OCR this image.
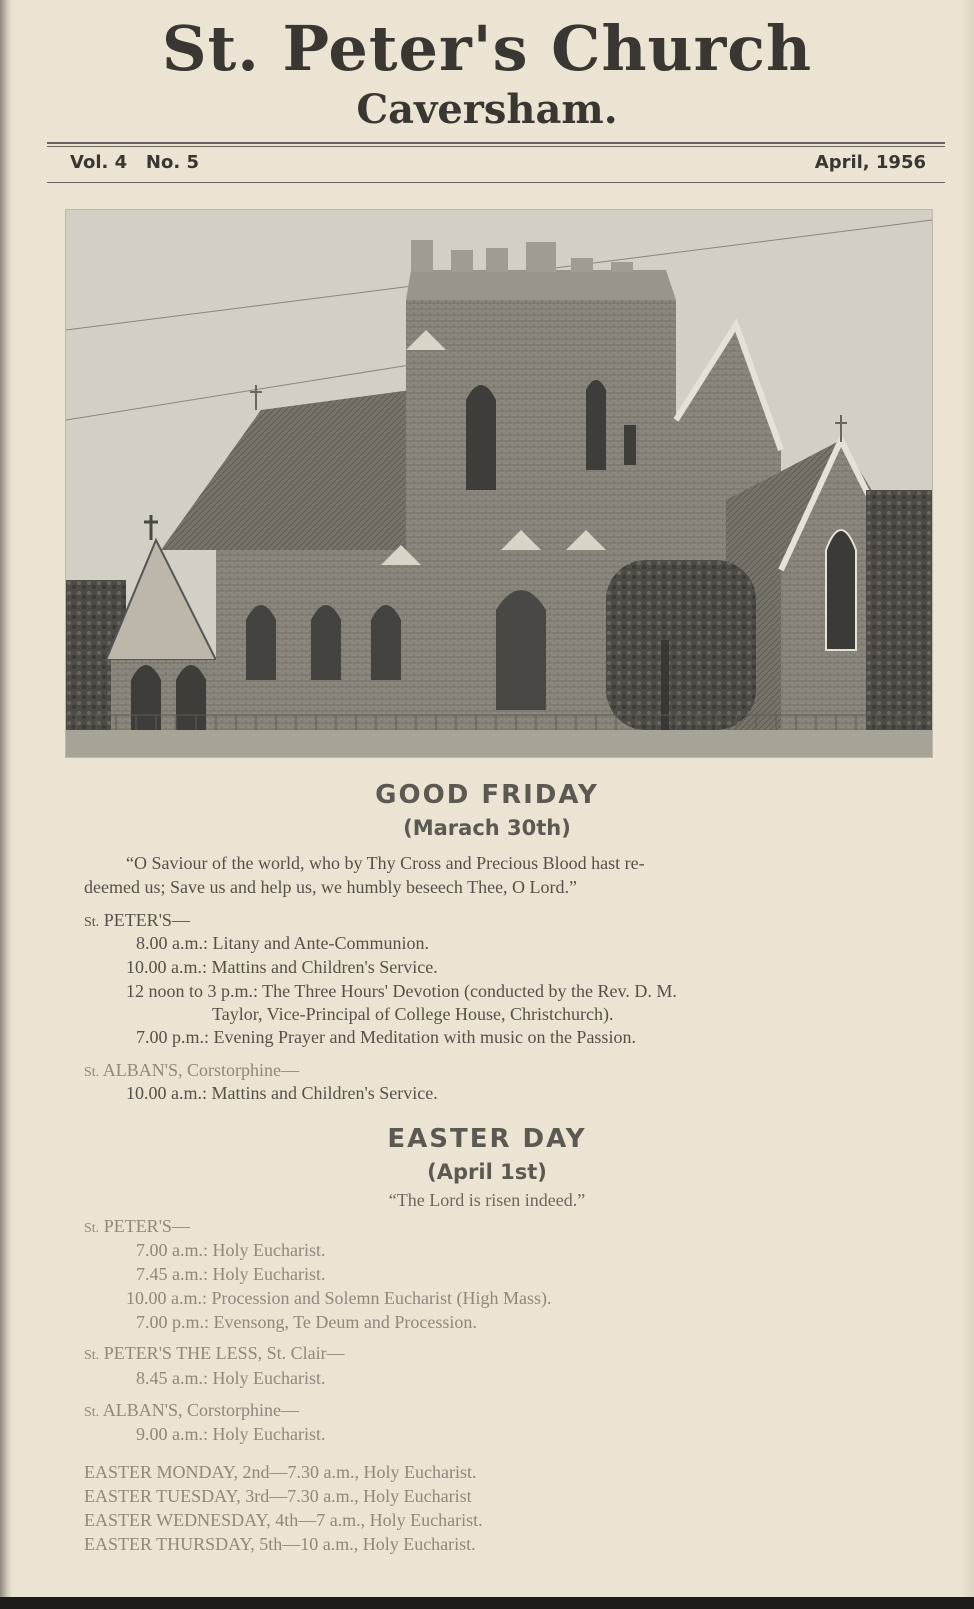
St. Peter's Church
Caversham.
Vol. 4   No. 5	April, 1956
GOOD FRIDAY
(Marach 30th)
“O Saviour of the world, who by Thy Cross and Precious Blood hast re-
deemed us; Save us and help us, we humbly beseech Thee, O Lord.”
St. PETER'S—
8.00 a.m.: Litany and Ante-Communion.
10.00 a.m.: Mattins and Children's Service.
12 noon to 3 p.m.: The Three Hours' Devotion (conducted by the Rev. D. M.
Taylor, Vice-Principal of College House, Christchurch).
7.00 p.m.: Evening Prayer and Meditation with music on the Passion.
St. ALBAN'S, Corstorphine—
10.00 a.m.: Mattins and Children's Service.
EASTER DAY
(April 1st)
“The Lord is risen indeed.”
St. PETER'S—
7.00 a.m.: Holy Eucharist.
7.45 a.m.: Holy Eucharist.
10.00 a.m.: Procession and Solemn Eucharist (High Mass).
7.00 p.m.: Evensong, Te Deum and Procession.
St. PETER'S THE LESS, St. Clair—
8.45 a.m.: Holy Eucharist.
St. ALBAN'S, Corstorphine—
9.00 a.m.: Holy Eucharist.
EASTER MONDAY, 2nd—7.30 a.m., Holy Eucharist.
EASTER TUESDAY, 3rd—7.30 a.m., Holy Eucharist
EASTER WEDNESDAY, 4th—7 a.m., Holy Eucharist.
EASTER THURSDAY, 5th—10 a.m., Holy Eucharist.
